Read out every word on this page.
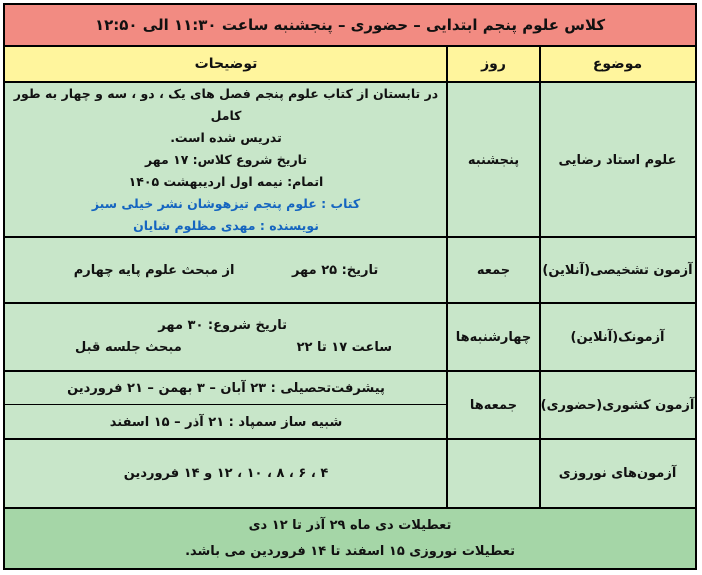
کلاس علوم پنجم ابتدایی – حضوری – پنجشنبه ساعت ۱۱:۳۰ الی ۱۲:۵۰
موضوع
روز
توضیحات
علوم استاد رضایی
پنجشنبه
در تابستان از کتاب علوم پنجم فصل های یک ، دو ، سه و چهار به طور کامل
تدریس شده است.
تاریخ شروع کلاس: ۱۷ مهر
اتمام: نیمه اول اردیبهشت ۱۴۰۵
کتاب : علوم پنجم تیزهوشان نشر خیلی سبز
نویسنده : مهدی مظلوم شایان
آزمون تشخیصی(آنلاین)
جمعه
تاریخ: ۲۵ مهر
از مبحث علوم پایه چهارم
آزمونک(آنلاین)
چهارشنبه‌ها
تاریخ شروع: ۳۰ مهر
ساعت ۱۷ تا ۲۲
مبحث جلسه قبل
آزمون کشوری(حضوری)
جمعه‌ها
پیشرفت‌تحصیلی : ۲۳ آبان – ۳ بهمن – ۲۱ فروردین
شبیه ساز سمپاد : ۲۱ آذر – ۱۵ اسفند
آزمون‌های نوروزی
۴ ، ۶ ، ۸ ، ۱۰ ، ۱۲ و ۱۴ فروردین
تعطیلات دی ماه ۲۹ آذر تا ۱۲ دی
تعطیلات نوروزی ۱۵ اسفند تا ۱۴ فروردین می باشد.
